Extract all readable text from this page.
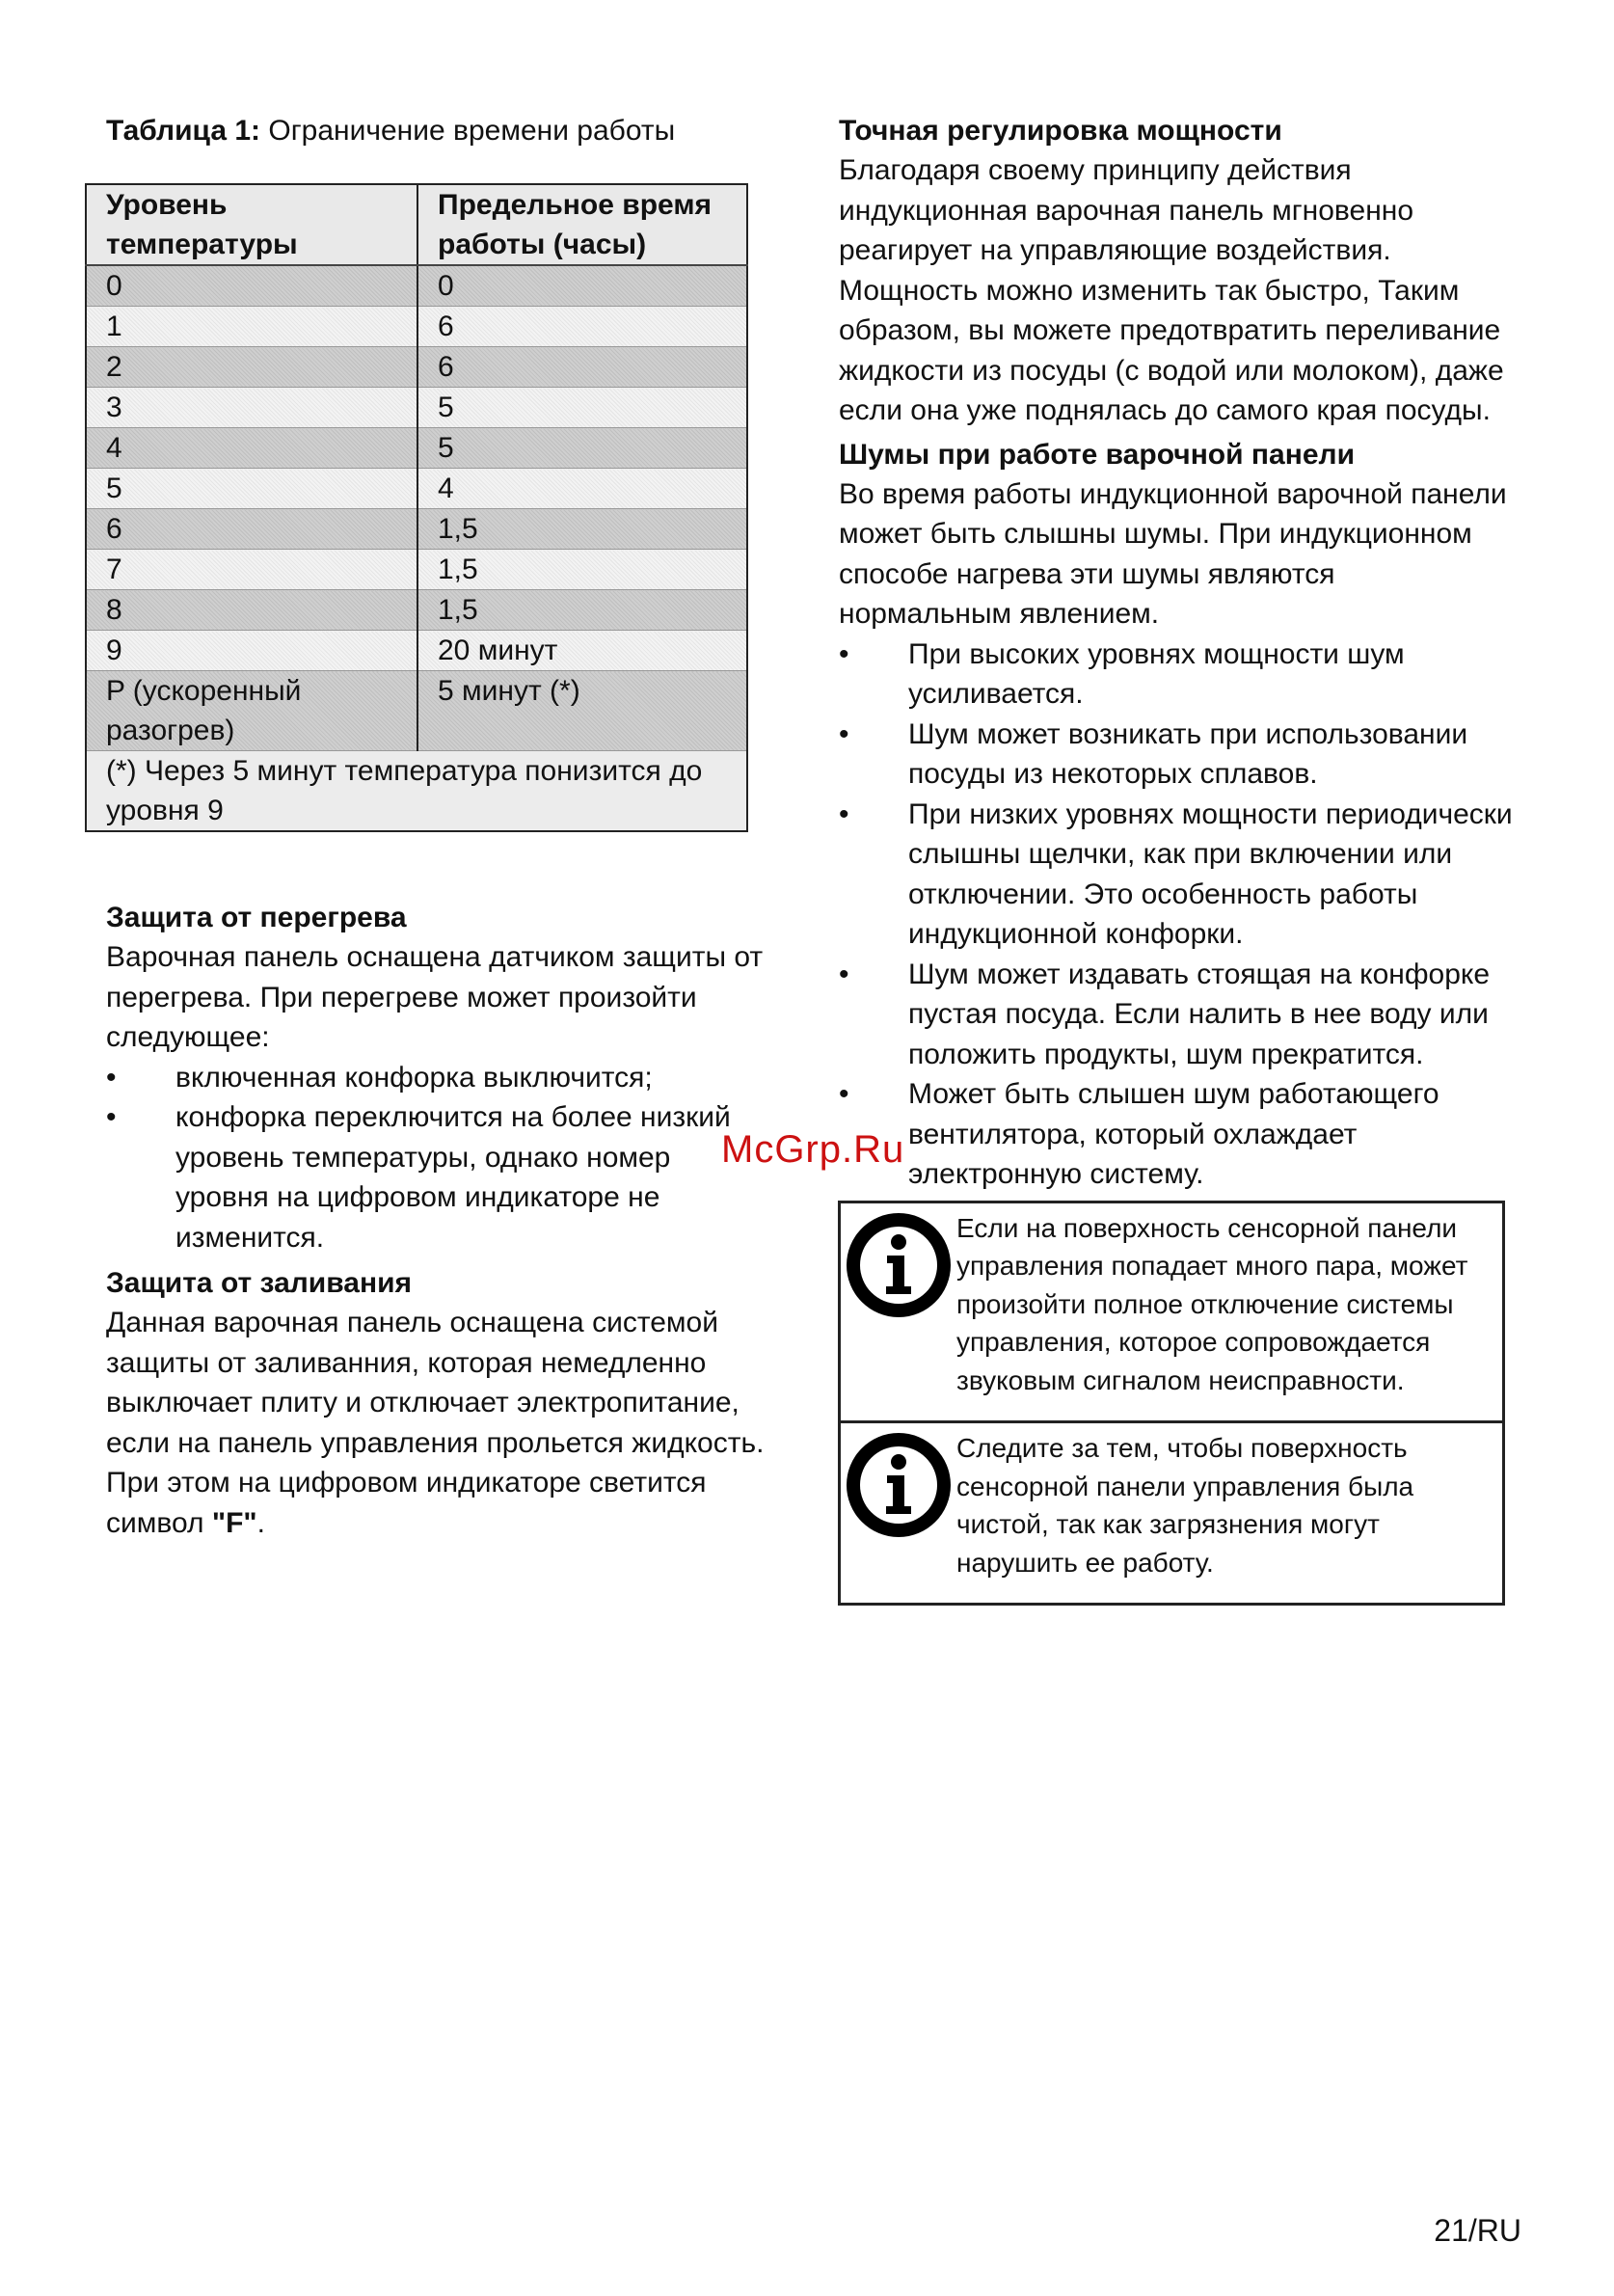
Таблица 1: Ограничение времени работы

Уровень температуры	Предельное время работы (часы)
0	0
1	6
2	6
3	5
4	5
5	4
6	1,5
7	1,5
8	1,5
9	20 минут
P (ускоренный разогрев)	5 минут (*)
(*) Через 5 минут температура понизится до уровня 9	
Защита от перегрева

Варочная панель оснащена датчиком защиты от перегрева. При перегреве может произойти следующее:

• включенная конфорка выключится;
• конфорка переключится на более низкий уровень температуры, однако номер уровня на цифровом индикаторе не изменится.
Защита от заливания

Данная варочная панель оснащена системой защиты от заливанния, которая немедленно выключает плиту и отключает электропитание, если на панель управления прольется жидкость. При этом на цифровом индикаторе светится символ "F".

Точная регулировка мощности

Благодаря своему принципу действия индукционная варочная панель мгновенно реагирует на управляющие воздействия. Мощность можно изменить так быстро, Таким образом, вы можете предотвратить переливание жидкости из посуды (с водой или молоком), даже если она уже поднялась до самого края посуды.

Шумы при работе варочной панели

Во время работы индукционной варочной панели может быть слышны шумы. При индукционном способе нагрева эти шумы являются нормальным явлением.

• При высоких уровнях мощности шум усиливается.
• Шум может возникать при использовании посуды из некоторых сплавов.
• При низких уровнях мощности периодически слышны щелчки, как при включении или отключении. Это особенность работы индукционной конфорки.
• Шум может издавать стоящая на конфорке пустая посуда. Если налить в нее воду или положить продукты, шум прекратится.
• Может быть слышен шум работающего вентилятора, который охлаждает электронную систему.

Если на поверхность сенсорной панели управления попадает много пара, может произойти полное отключение системы управления, которое сопровождается звуковым сигналом неисправности.

Следите за тем, чтобы поверхность сенсорной панели управления была чистой, так как загрязнения могут нарушить ее работу.

McGrp.Ru
21/RU
